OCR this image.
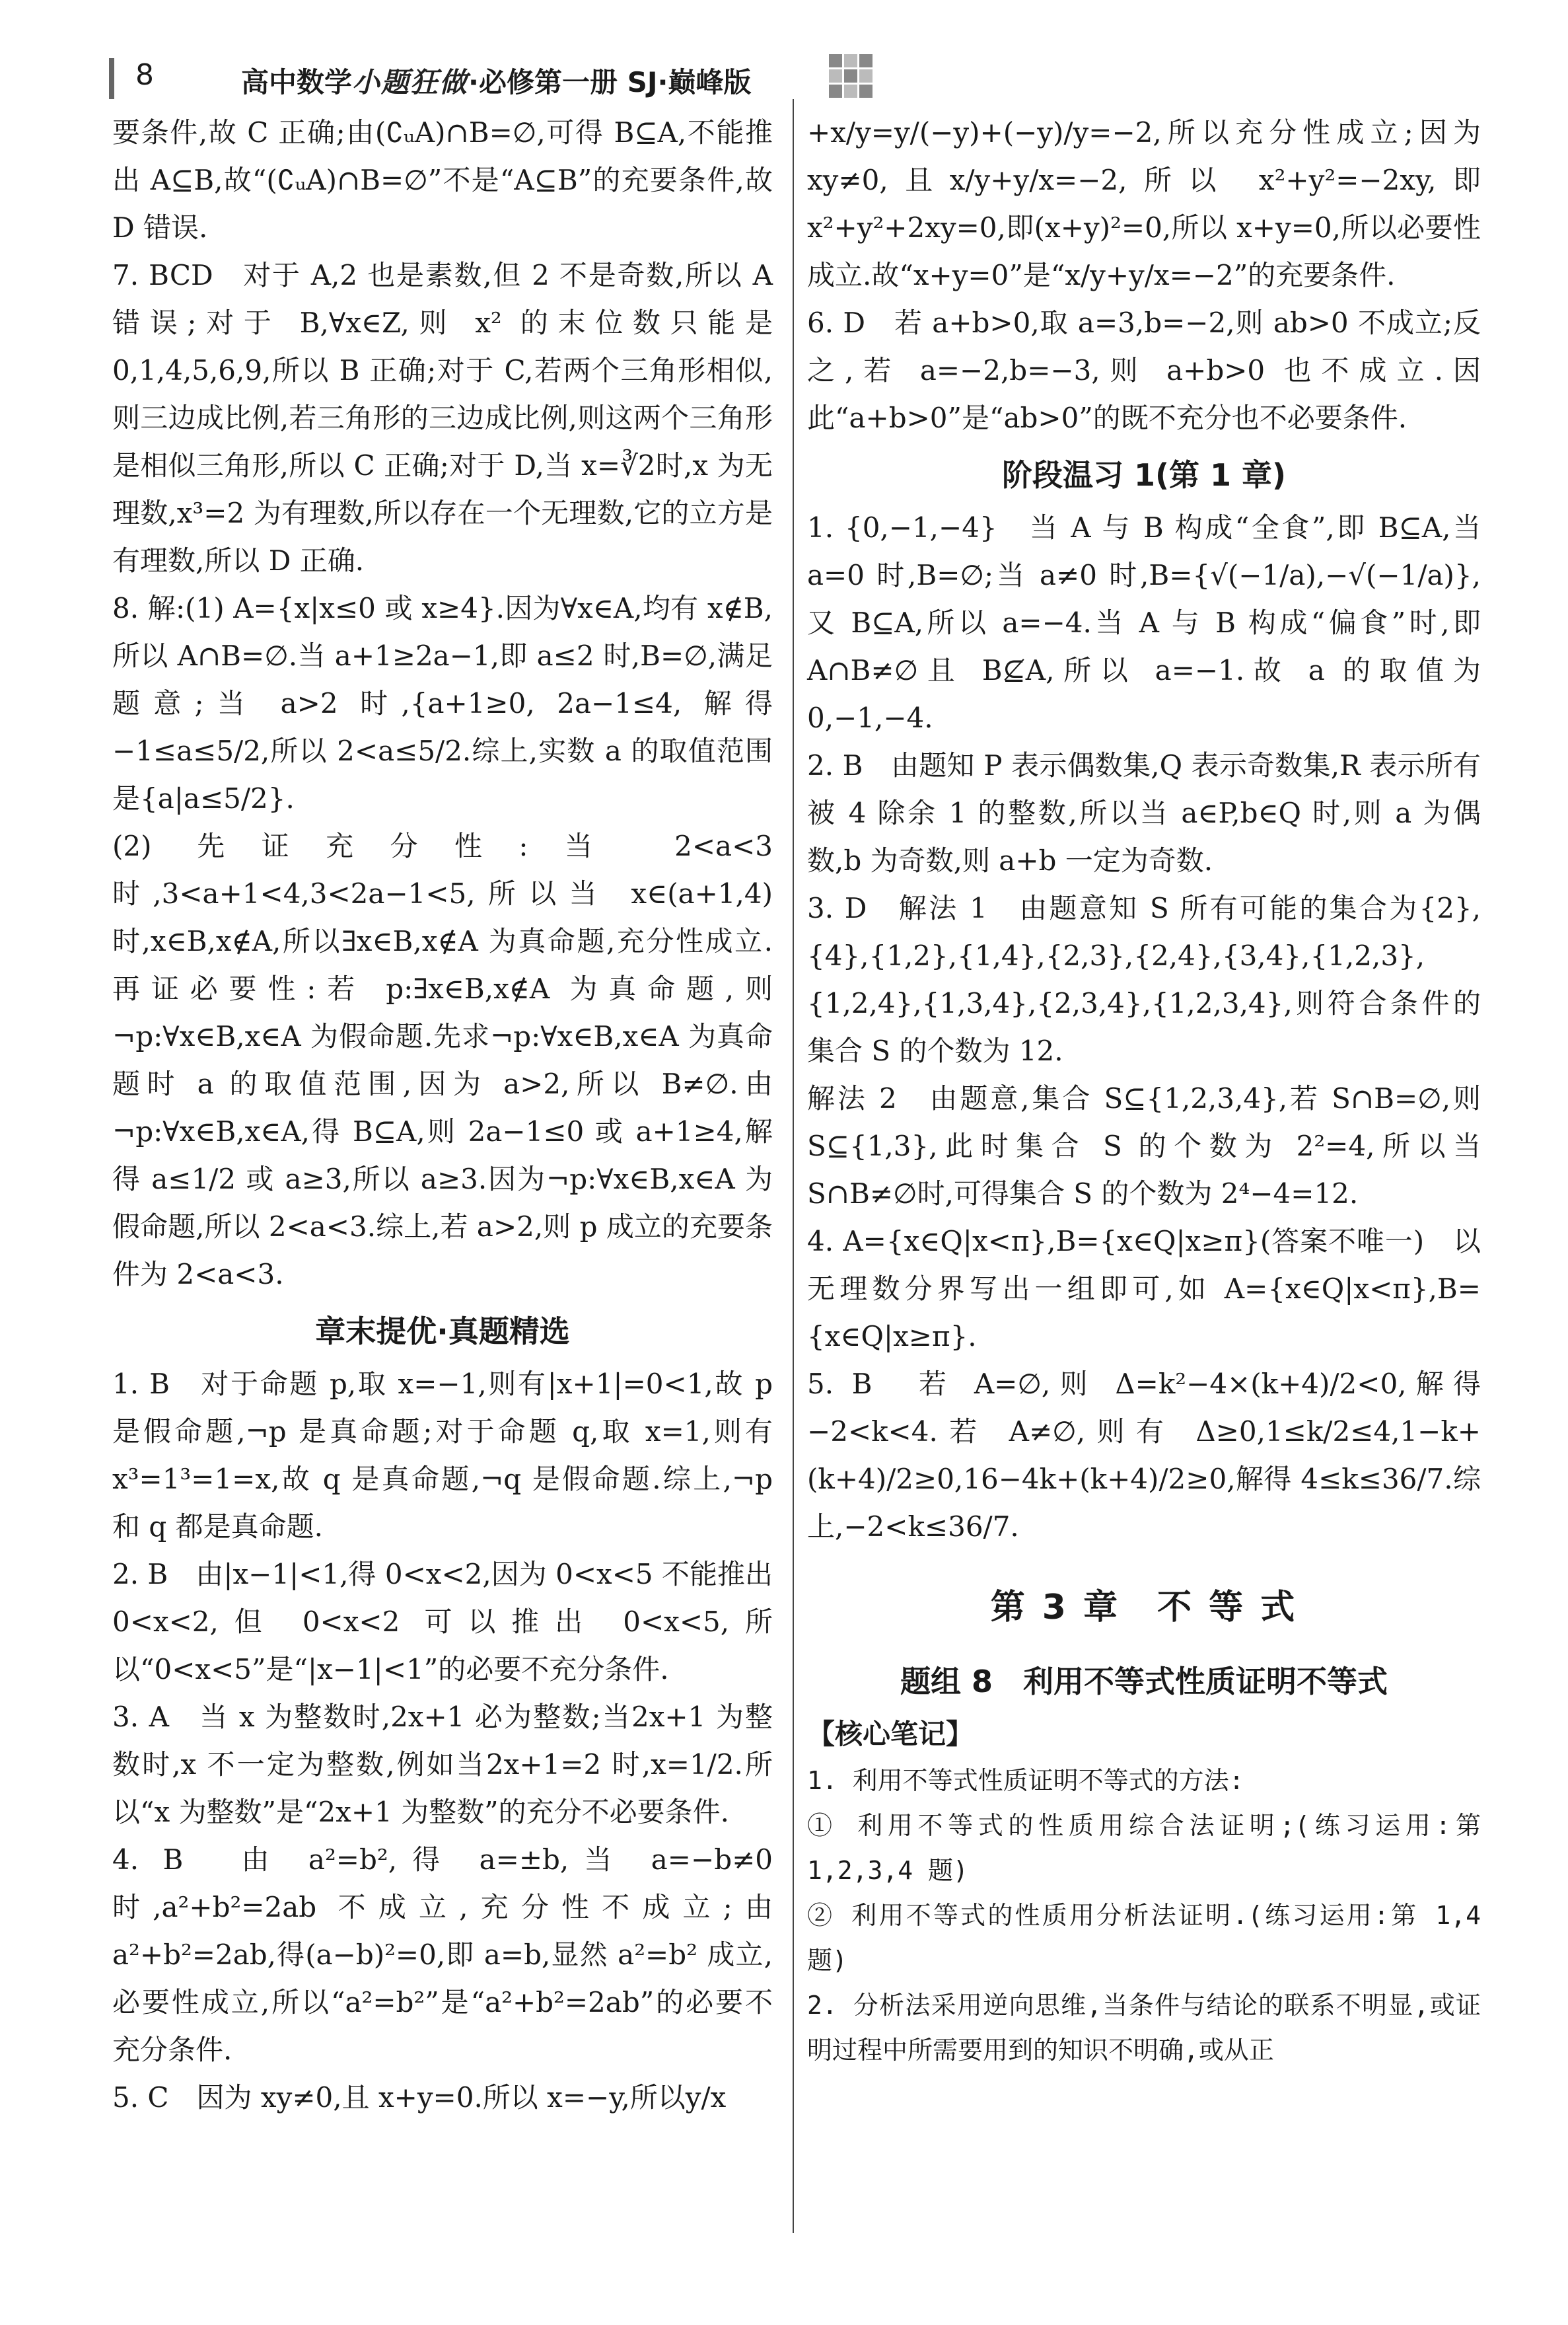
8	高中数学小题狂做·必修第一册 SJ·巅峰版

要条件,故 C 正确;由(∁ᵤA)∩B=∅,可得 B⊆A,不能推出 A⊆B,故“(∁ᵤA)∩B=∅”不是“A⊆B”的充要条件,故 D 错误.

7. BCD　对于 A,2 也是素数,但 2 不是奇数,所以 A 错误;对于 B,∀x∈Z,则 x² 的末位数只能是 0,1,4,5,6,9,所以 B 正确;对于 C,若两个三角形相似,则三边成比例,若三角形的三边成比例,则这两个三角形是相似三角形,所以 C 正确;对于 D,当 x=∛2时,x 为无理数,x³=2 为有理数,所以存在一个无理数,它的立方是有理数,所以 D 正确.

8. 解:(1) A={x|x≤0 或 x≥4}.因为∀x∈A,均有 x∉B,所以 A∩B=∅.当 a+1≥2a−1,即 a≤2 时,B=∅,满足题意;当 a>2 时,{a+1≥0, 2a−1≤4, 解得 −1≤a≤5/2,所以 2<a≤5/2.综上,实数 a 的取值范围是{a|a≤5/2}.

(2) 先证充分性:当 2<a<3 时,3<a+1<4,3<2a−1<5,所以当 x∈(a+1,4)时,x∈B,x∉A,所以∃x∈B,x∉A 为真命题,充分性成立.再证必要性:若 p:∃x∈B,x∉A 为真命题,则¬p:∀x∈B,x∈A 为假命题.先求¬p:∀x∈B,x∈A 为真命题时 a 的取值范围,因为 a>2,所以 B≠∅.由¬p:∀x∈B,x∈A,得 B⊆A,则 2a−1≤0 或 a+1≥4,解得 a≤1/2 或 a≥3,所以 a≥3.因为¬p:∀x∈B,x∈A 为假命题,所以 2<a<3.综上,若 a>2,则 p 成立的充要条件为 2<a<3.

章末提优·真题精选

1. B　对于命题 p,取 x=−1,则有|x+1|=0<1,故 p 是假命题,¬p 是真命题;对于命题 q,取 x=1,则有 x³=1³=1=x,故 q 是真命题,¬q 是假命题.综上,¬p 和 q 都是真命题.

2. B　由|x−1|<1,得 0<x<2,因为 0<x<5 不能推出 0<x<2,但 0<x<2 可以推出 0<x<5,所以“0<x<5”是“|x−1|<1”的必要不充分条件.

3. A　当 x 为整数时,2x+1 必为整数;当2x+1 为整数时,x 不一定为整数,例如当2x+1=2 时,x=1/2.所以“x 为整数”是“2x+1 为整数”的充分不必要条件.

4. B　由 a²=b²,得 a=±b,当 a=−b≠0 时,a²+b²=2ab 不成立,充分性不成立;由 a²+b²=2ab,得(a−b)²=0,即 a=b,显然 a²=b² 成立,必要性成立,所以“a²=b²”是“a²+b²=2ab”的必要不充分条件.

5. C　因为 xy≠0,且 x+y=0.所以 x=−y,所以y/x

+x/y=y/(−y)+(−y)/y=−2,所以充分性成立;因为xy≠0,且x/y+y/x=−2,所以 x²+y²=−2xy,即 x²+y²+2xy=0,即(x+y)²=0,所以 x+y=0,所以必要性成立.故“x+y=0”是“x/y+y/x=−2”的充要条件.

6. D　若 a+b>0,取 a=3,b=−2,则 ab>0 不成立;反之,若 a=−2,b=−3,则 a+b>0 也不成立.因此“a+b>0”是“ab>0”的既不充分也不必要条件.

阶段温习 1(第 1 章)

1. {0,−1,−4}　当 A 与 B 构成“全食”,即 B⊆A,当 a=0 时,B=∅;当 a≠0 时,B={√(−1/a),−√(−1/a)},又 B⊆A,所以 a=−4.当 A 与 B 构成“偏食”时,即 A∩B≠∅且 B⊈A,所以 a=−1.故 a 的取值为 0,−1,−4.

2. B　由题知 P 表示偶数集,Q 表示奇数集,R 表示所有被 4 除余 1 的整数,所以当 a∈P,b∈Q 时,则 a 为偶数,b 为奇数,则 a+b 一定为奇数.

3. D　解法 1　由题意知 S 所有可能的集合为{2},{4},{1,2},{1,4},{2,3},{2,4},{3,4},{1,2,3},{1,2,4},{1,3,4},{2,3,4},{1,2,3,4},则符合条件的集合 S 的个数为 12.

解法 2　由题意,集合 S⊆{1,2,3,4},若 S∩B=∅,则 S⊆{1,3},此时集合 S 的个数为 2²=4,所以当 S∩B≠∅时,可得集合 S 的个数为 2⁴−4=12.

4. A={x∈Q|x<π},B={x∈Q|x≥π}(答案不唯一)　以无理数分界写出一组即可,如 A={x∈Q|x<π},B={x∈Q|x≥π}.

5. B　若 A=∅,则 Δ=k²−4×(k+4)/2<0,解得−2<k<4.若 A≠∅,则有 Δ≥0,1≤k/2≤4,1−k+(k+4)/2≥0,16−4k+(k+4)/2≥0,解得 4≤k≤36/7.综上,−2<k≤36/7.

第 3 章　不 等 式
题组 8　利用不等式性质证明不等式
【核心笔记】

1. 利用不等式性质证明不等式的方法:

① 利用不等式的性质用综合法证明;(练习运用:第 1,2,3,4 题)

② 利用不等式的性质用分析法证明.(练习运用:第 1,4 题)

2. 分析法采用逆向思维,当条件与结论的联系不明显,或证明过程中所需要用到的知识不明确,或从正
